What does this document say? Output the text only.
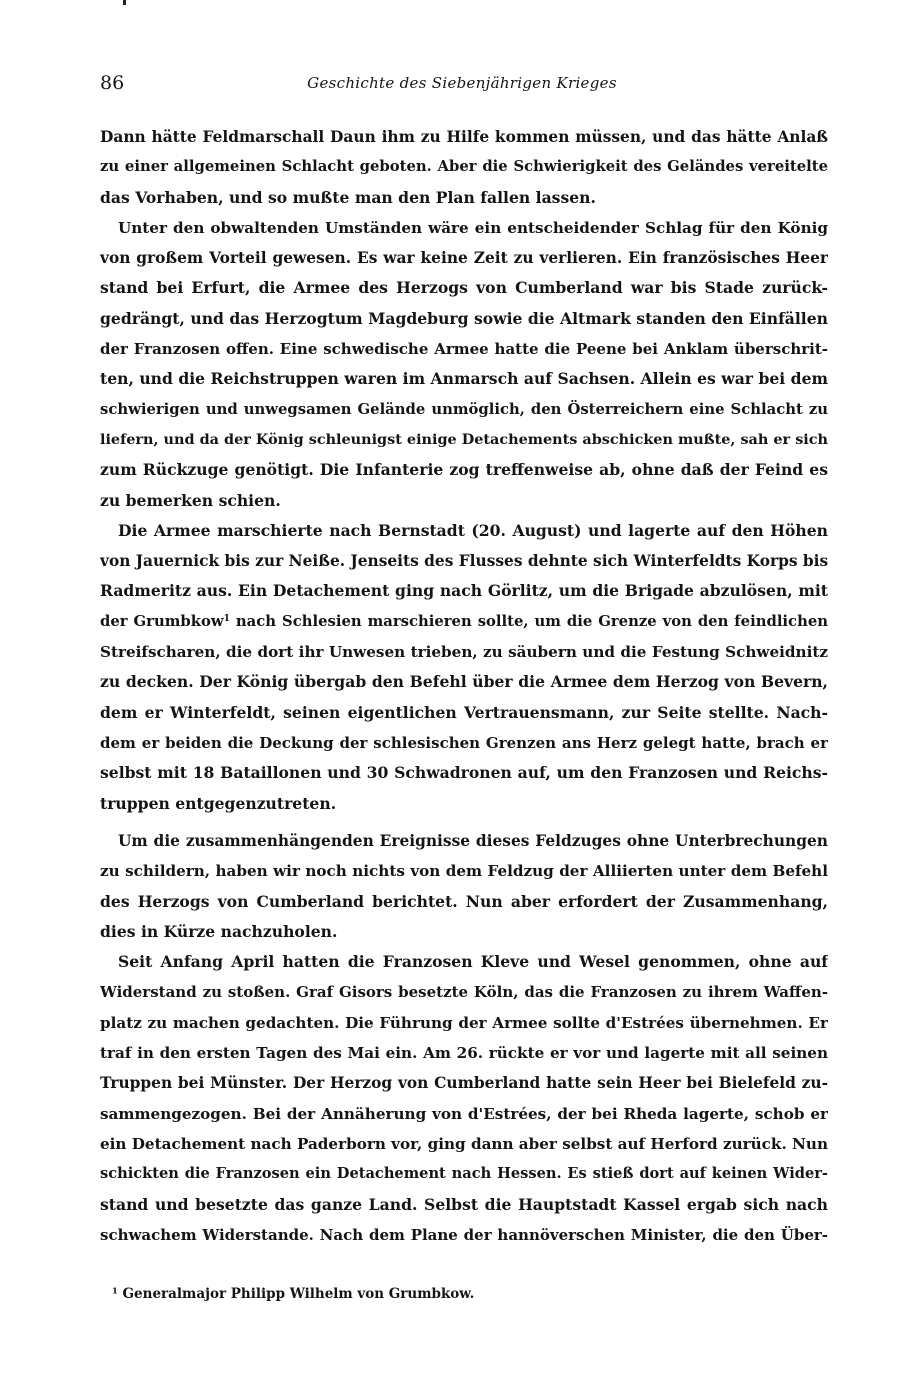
86	Geschichte des Siebenjährigen Krieges
Dann hätte Feldmarschall Daun ihm zu Hilfe kommen müssen, und das hätte Anlaß
zu einer allgemeinen Schlacht geboten. Aber die Schwierigkeit des Geländes vereitelte
das Vorhaben, und so mußte man den Plan fallen lassen.
Unter den obwaltenden Umständen wäre ein entscheidender Schlag für den König
von großem Vorteil gewesen. Es war keine Zeit zu verlieren. Ein französisches Heer
stand bei Erfurt, die Armee des Herzogs von Cumberland war bis Stade zurück-
gedrängt, und das Herzogtum Magdeburg sowie die Altmark standen den Einfällen
der Franzosen offen. Eine schwedische Armee hatte die Peene bei Anklam überschrit-
ten, und die Reichstruppen waren im Anmarsch auf Sachsen. Allein es war bei dem
schwierigen und unwegsamen Gelände unmöglich, den Österreichern eine Schlacht zu
liefern, und da der König schleunigst einige Detachements abschicken mußte, sah er sich
zum Rückzuge genötigt. Die Infanterie zog treffenweise ab, ohne daß der Feind es
zu bemerken schien.
Die Armee marschierte nach Bernstadt (20. August) und lagerte auf den Höhen
von Jauernick bis zur Neiße. Jenseits des Flusses dehnte sich Winterfeldts Korps bis
Radmeritz aus. Ein Detachement ging nach Görlitz, um die Brigade abzulösen, mit
der Grumbkow$^1$ nach Schlesien marschieren sollte, um die Grenze von den feindlichen
Streifscharen, die dort ihr Unwesen trieben, zu säubern und die Festung Schweidnitz
zu decken. Der König übergab den Befehl über die Armee dem Herzog von Bevern,
dem er Winterfeldt, seinen eigentlichen Vertrauensmann, zur Seite stellte. Nach-
dem er beiden die Deckung der schlesischen Grenzen ans Herz gelegt hatte, brach er
selbst mit 18 Bataillonen und 30 Schwadronen auf, um den Franzosen und Reichs-
truppen entgegenzutreten.
Um die zusammenhängenden Ereignisse dieses Feldzuges ohne Unterbrechungen
zu schildern, haben wir noch nichts von dem Feldzug der Alliierten unter dem Befehl
des Herzogs von Cumberland berichtet. Nun aber erfordert der Zusammenhang,
dies in Kürze nachzuholen.
Seit Anfang April hatten die Franzosen Kleve und Wesel genommen, ohne auf
Widerstand zu stoßen. Graf Gisors besetzte Köln, das die Franzosen zu ihrem Waffen-
platz zu machen gedachten. Die Führung der Armee sollte d'Estrées übernehmen. Er
traf in den ersten Tagen des Mai ein. Am 26. rückte er vor und lagerte mit all seinen
Truppen bei Münster. Der Herzog von Cumberland hatte sein Heer bei Bielefeld zu-
sammengezogen. Bei der Annäherung von d'Estrées, der bei Rheda lagerte, schob er
ein Detachement nach Paderborn vor, ging dann aber selbst auf Herford zurück. Nun
schickten die Franzosen ein Detachement nach Hessen. Es stieß dort auf keinen Wider-
stand und besetzte das ganze Land. Selbst die Hauptstadt Kassel ergab sich nach
schwachem Widerstande. Nach dem Plane der hannöverschen Minister, die den Über-
$^1$ Generalmajor Philipp Wilhelm von Grumbkow.
